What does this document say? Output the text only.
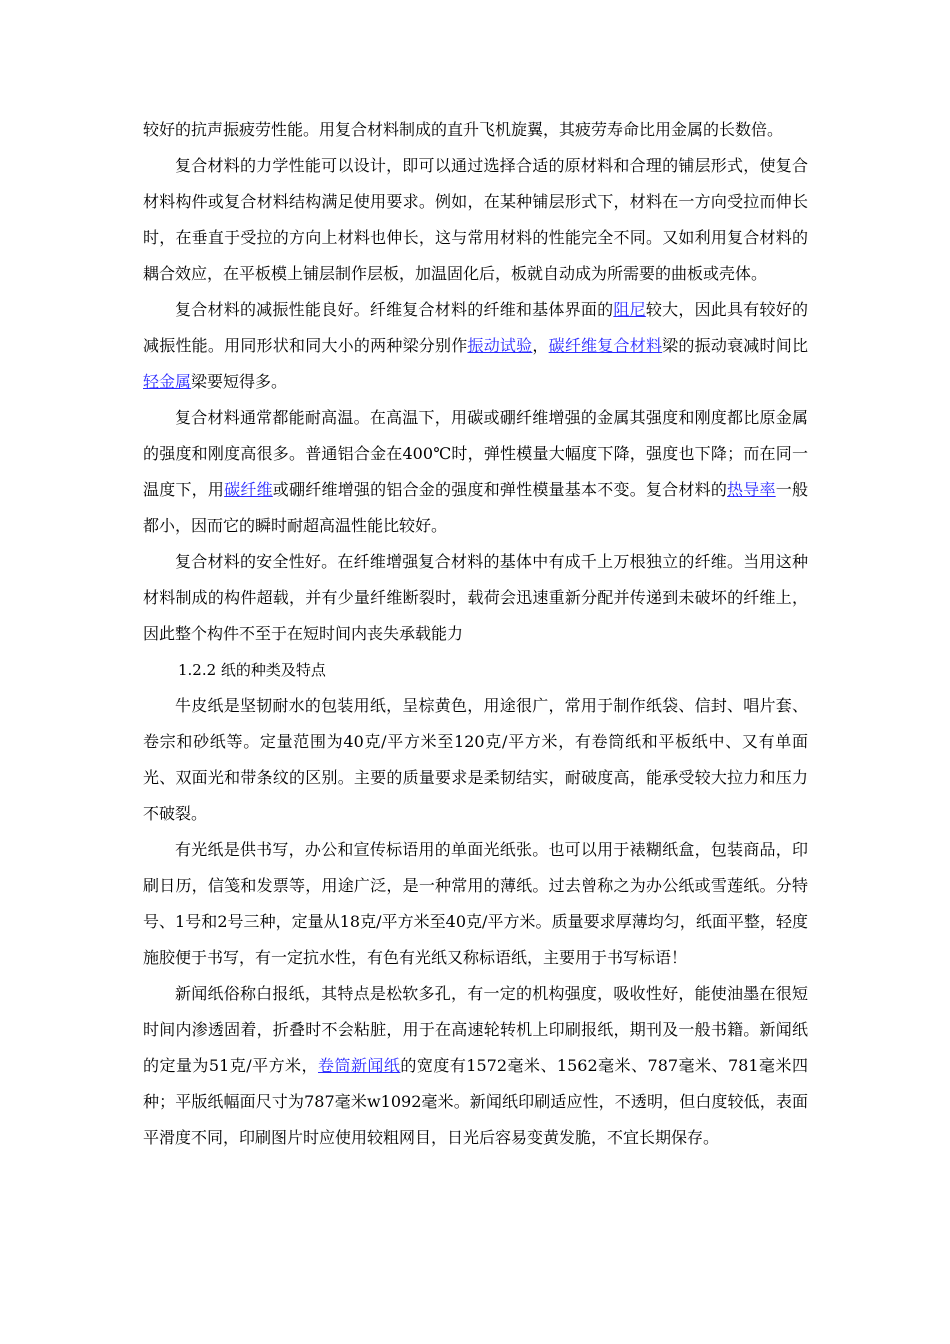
较好的抗声振疲劳性能。用复合材料制成的直升飞机旋翼，其疲劳寿命比用金属的长数倍。

复合材料的力学性能可以设计，即可以通过选择合适的原材料和合理的铺层形式，使复合材料构件或复合材料结构满足使用要求。例如，在某种铺层形式下，材料在一方向受拉而伸长时，在垂直于受拉的方向上材料也伸长，这与常用材料的性能完全不同。又如利用复合材料的耦合效应，在平板模上铺层制作层板，加温固化后，板就自动成为所需要的曲板或壳体。

复合材料的减振性能良好。纤维复合材料的纤维和基体界面的阻尼较大，因此具有较好的减振性能。用同形状和同大小的两种梁分别作振动试验，碳纤维复合材料梁的振动衰减时间比轻金属梁要短得多。

复合材料通常都能耐高温。在高温下，用碳或硼纤维增强的金属其强度和刚度都比原金属的强度和刚度高很多。普通铝合金在400℃时，弹性模量大幅度下降，强度也下降；而在同一温度下，用碳纤维或硼纤维增强的铝合金的强度和弹性模量基本不变。复合材料的热导率一般都小，因而它的瞬时耐超高温性能比较好。

复合材料的安全性好。在纤维增强复合材料的基体中有成千上万根独立的纤维。当用这种材料制成的构件超载，并有少量纤维断裂时，载荷会迅速重新分配并传递到未破坏的纤维上，因此整个构件不至于在短时间内丧失承载能力

1.2.2 纸的种类及特点

牛皮纸是坚韧耐水的包装用纸，呈棕黄色，用途很广，常用于制作纸袋、信封、唱片套、卷宗和砂纸等。定量范围为40克/平方米至120克/平方米，有卷筒纸和平板纸中、又有单面光、双面光和带条纹的区别。主要的质量要求是柔韧结实，耐破度高，能承受较大拉力和压力不破裂。

有光纸是供书写，办公和宣传标语用的单面光纸张。也可以用于裱糊纸盒，包装商品，印刷日历，信笺和发票等，用途广泛，是一种常用的薄纸。过去曾称之为办公纸或雪莲纸。分特号、1号和2号三种，定量从18克/平方米至40克/平方米。质量要求厚薄均匀，纸面平整，轻度施胶便于书写，有一定抗水性，有色有光纸又称标语纸，主要用于书写标语！

新闻纸俗称白报纸，其特点是松软多孔，有一定的机构强度，吸收性好，能使油墨在很短时间内渗透固着，折叠时不会粘脏，用于在高速轮转机上印刷报纸，期刊及一般书籍。新闻纸的定量为51克/平方米，卷筒新闻纸的宽度有1572毫米、1562毫米、787毫米、781毫米四种；平版纸幅面尺寸为787毫米w1092毫米。新闻纸印刷适应性，不透明，但白度较低，表面平滑度不同，印刷图片时应使用较粗网目，日光后容易变黄发脆，不宜长期保存。
